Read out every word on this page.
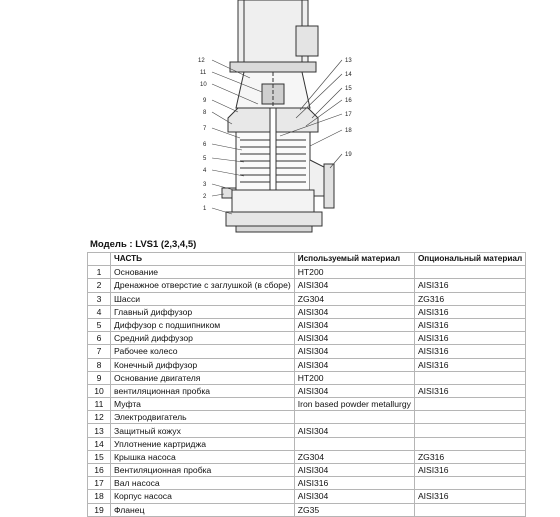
12
11
10
9
8
7
6
5
4
3
2
1
13
14
15
16
17
18
19
Модель : LVS1 (2,3,4,5)
	ЧАСТЬ	Используемый материал	Опциональный материал
1	Основание	HT200	
2	Дренажное отверстие с заглушкой (в сборе)	AISI304	AISI316
3	Шасси	ZG304	ZG316
4	Главный диффузор	AISI304	AISI316
5	Диффузор с подшипником	AISI304	AISI316
6	Средний диффузор	AISI304	AISI316
7	Рабочее колесо	AISI304	AISI316
8	Конечный диффузор	AISI304	AISI316
9	Основание двигателя	HT200	
10	вентиляционная пробка	AISI304	AISI316
11	Муфта	Iron based powder metallurgy	
12	Электродвигатель		
13	Защитный кожух	AISI304	
14	Уплотнение картриджа		
15	Крышка насоса	ZG304	ZG316
16	Вентиляционная пробка	AISI304	AISI316
17	Вал насоса	AISI316	
18	Корпус насоса	AISI304	AISI316
19	Фланец	ZG35	
